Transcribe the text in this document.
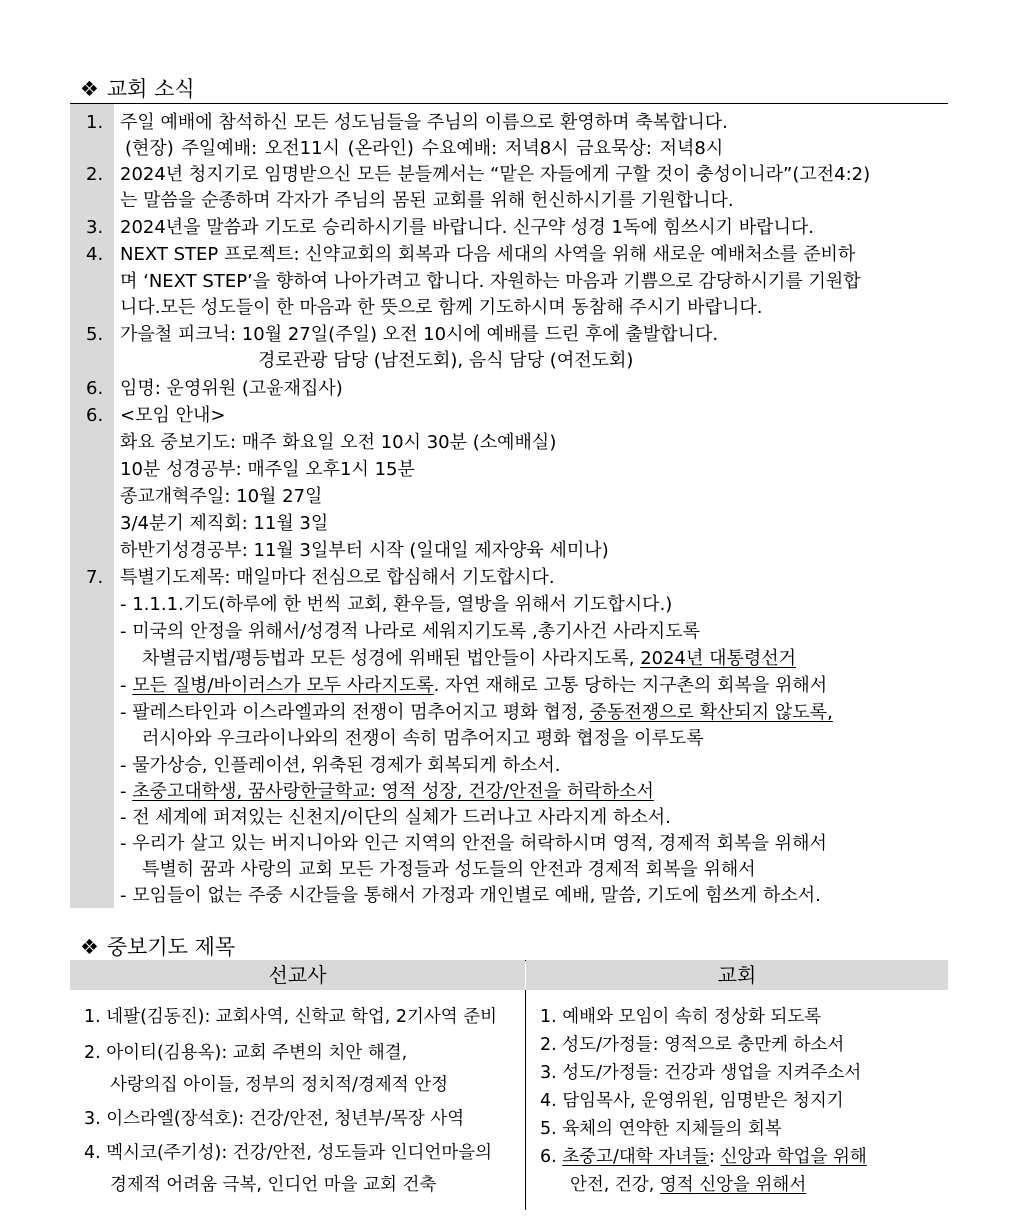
❖ 교회 소식
1. 주일 예배에 참석하신 모든 성도님들을 주님의 이름으로 환영하며 축복합니다.
(현장) 주일예배: 오전11시 (온라인) 수요예배: 저녁8시 금요묵상: 저녁8시
2. 2024년 청지기로 임명받으신 모든 분들께서는 “맡은 자들에게 구할 것이 충성이니라”(고전4:2)
는 말씀을 순종하며 각자가 주님의 몸된 교회를 위해 헌신하시기를 기원합니다.
3. 2024년을 말씀과 기도로 승리하시기를 바랍니다. 신구약 성경 1독에 힘쓰시기 바랍니다.
4. NEXT STEP 프로젝트: 신약교회의 회복과 다음 세대의 사역을 위해 새로운 예배처소를 준비하
며 ‘NEXT STEP’을 향하여 나아가려고 합니다. 자원하는 마음과 기쁨으로 감당하시기를 기원합
니다.모든 성도들이 한 마음과 한 뜻으로 함께 기도하시며 동참해 주시기 바랍니다.
5. 가을철 피크닉: 10월 27일(주일) 오전 10시에 예배를 드린 후에 출발합니다.
경로관광 담당 (남전도회), 음식 담당 (여전도회)
6. 임명: 운영위원 (고윤재집사)
6. <모임 안내>
화요 중보기도: 매주 화요일 오전 10시 30분 (소예배실)
10분 성경공부: 매주일 오후1시 15분
종교개혁주일: 10월 27일
3/4분기 제직회: 11월 3일
하반기성경공부: 11월 3일부터 시작 (일대일 제자양육 세미나)
7. 특별기도제목: 매일마다 전심으로 합심해서 기도합시다.
- 1.1.1.기도(하루에 한 번씩 교회, 환우들, 열방을 위해서 기도합시다.)
- 미국의 안정을 위해서/성경적 나라로 세워지기도록 ,총기사건 사라지도록
차별금지법/평등법과 모든 성경에 위배된 법안들이 사라지도록, 2024년 대통령선거
- 모든 질병/바이러스가 모두 사라지도록. 자연 재해로 고통 당하는 지구촌의 회복을 위해서
- 팔레스타인과 이스라엘과의 전쟁이 멈추어지고 평화 협정, 중동전쟁으로 확산되지 않도록,
러시아와 우크라이나와의 전쟁이 속히 멈추어지고 평화 협정을 이루도록
- 물가상승, 인플레이션, 위축된 경제가 회복되게 하소서.
- 초중고대학생, 꿈사랑한글학교: 영적 성장, 건강/안전을 허락하소서
- 전 세계에 퍼져있는 신천지/이단의 실체가 드러나고 사라지게 하소서.
- 우리가 살고 있는 버지니아와 인근 지역의 안전을 허락하시며 영적, 경제적 회복을 위해서
특별히 꿈과 사랑의 교회 모든 가정들과 성도들의 안전과 경제적 회복을 위해서
- 모임들이 없는 주중 시간들을 통해서 가정과 개인별로 예배, 말씀, 기도에 힘쓰게 하소서.
❖ 중보기도 제목
선교사	교회
1. 네팔(김동진): 교회사역, 신학교 학업, 2기사역 준비
2. 아이티(김용옥): 교회 주변의 치안 해결,
사랑의집 아이들, 정부의 정치적/경제적 안정
3. 이스라엘(장석호): 건강/안전, 청년부/목장 사역
4. 멕시코(주기성): 건강/안전, 성도들과 인디언마을의
경제적 어려움 극복, 인디언 마을 교회 건축
1. 예배와 모임이 속히 정상화 되도록
2. 성도/가정들: 영적으로 충만케 하소서
3. 성도/가정들: 건강과 생업을 지켜주소서
4. 담임목사, 운영위원, 임명받은 청지기
5. 육체의 연약한 지체들의 회복
6. 초중고/대학 자녀들: 신앙과 학업을 위해
안전, 건강, 영적 신앙을 위해서
